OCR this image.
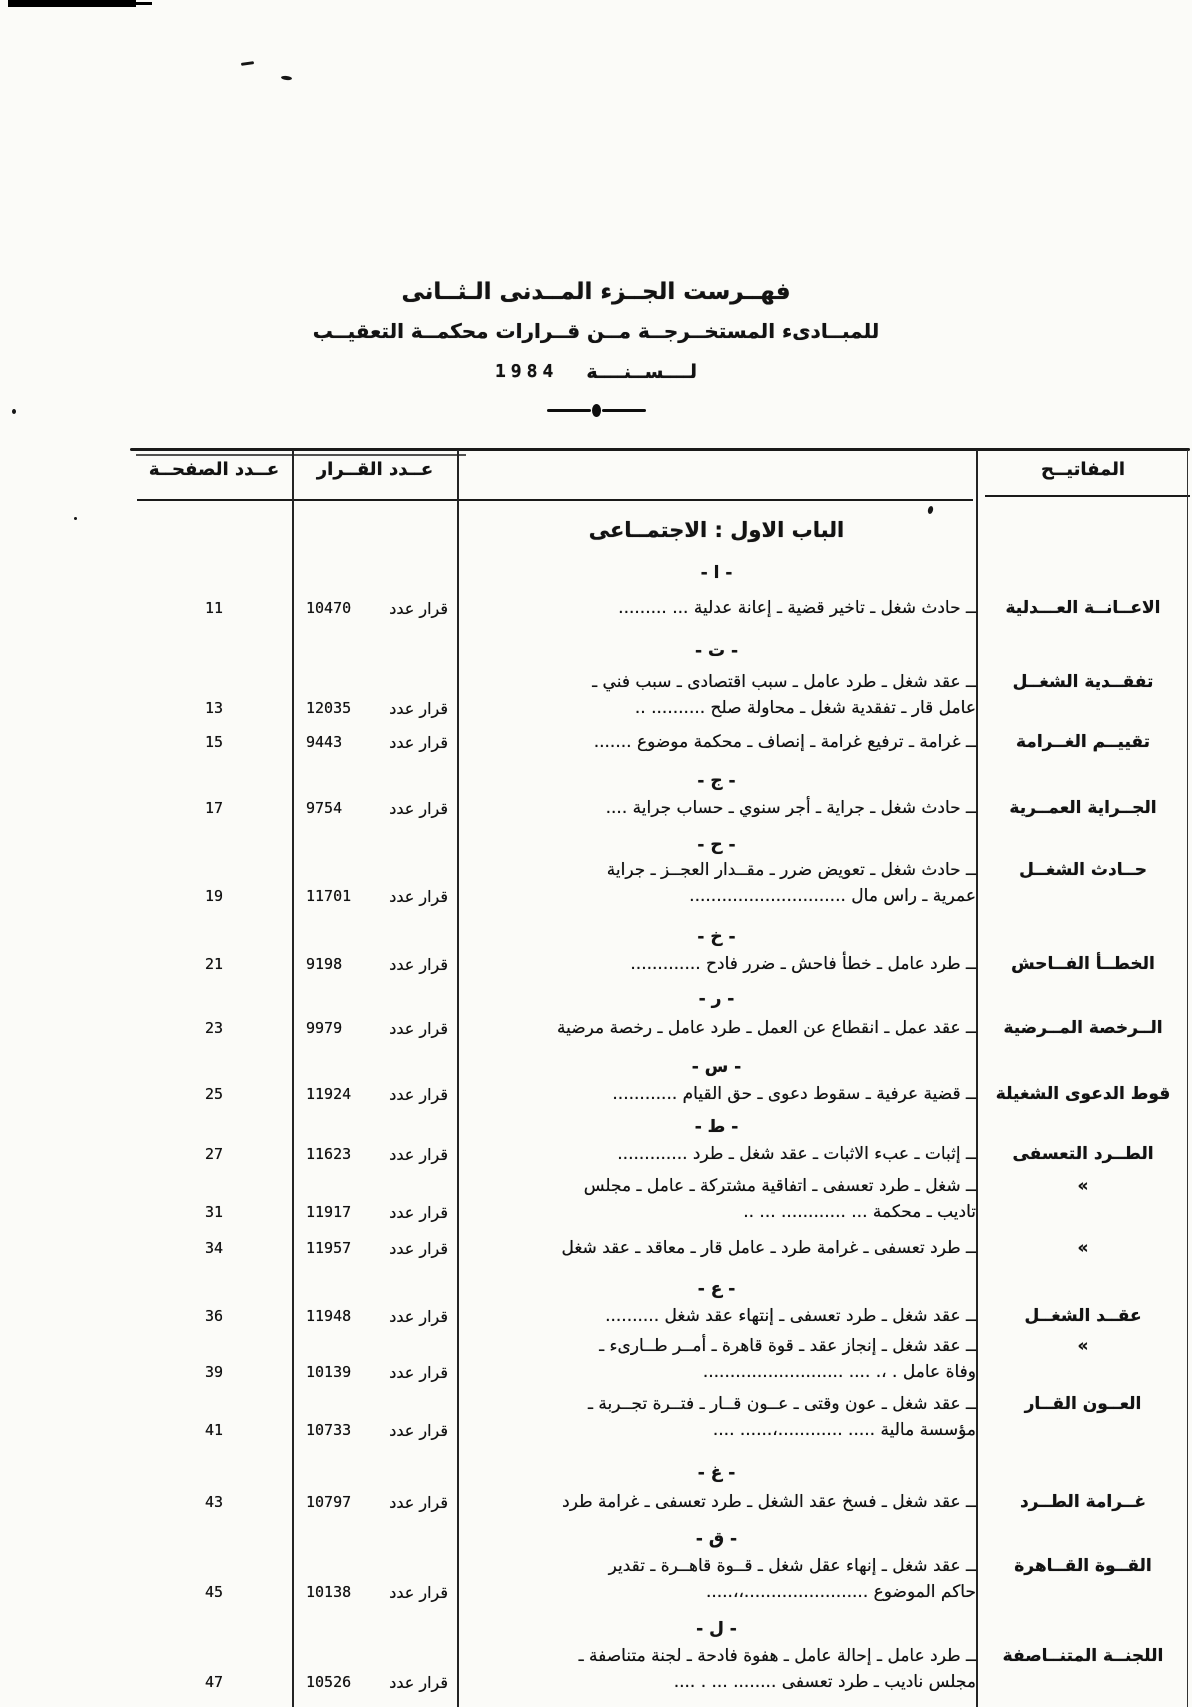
فهــرست الجــزء المــدنى الـثــانى
للمبــادىء المستخــرجــة مــن قــرارات محكمــة التعقيــب
لــــســنــــة
1984
المفاتيــح
عــدد القــرار
عــدد الصفحــة
الباب الاول : الاجتمــاعى
- ا -
الاعــانــة العـــدلية
ــ حادث شغل ـ تاخير قضية ـ إعانة عدلية ... .........
قرار عدد
10470
11
- ت -
تفقــدية الشغــل
ــ عقد شغل ـ طرد عامل ـ سبب اقتصادى ـ سبب فني ـ
عامل قار ـ تفقدية شغل ـ محاولة صلح .......... ..
قرار عدد
12035
13
تقييــم الغــرامة
ــ غرامة ـ ترفيع غرامة ـ إنصاف ـ محكمة موضوع .......
قرار عدد
9443
15
- ج -
الجــراية العمــرية
ــ حادث شغل ـ جراية ـ أجر سنوي ـ حساب جراية ....
قرار عدد
9754
17
- ح -
حــادث الشغــل
ــ حادث شغل ـ تعويض ضرر ـ مقــدار العجــز ـ جراية
عمرية ـ راس مال .............................
قرار عدد
11701
19
- خ -
الخطــأ الفــاحش
ــ طرد عامل ـ خطأ فاحش ـ ضرر فادح .............
قرار عدد
9198
21
- ر -
الــرخصة المــرضية
ــ عقد عمل ـ انقطاع عن العمل ـ طرد عامل ـ رخصة مرضية
قرار عدد
9979
23
- س -
قوط الدعوى الشغيلة
ــ قضية عرفية ـ سقوط دعوى ـ حق القيام ............
قرار عدد
11924
25
- ط -
الطــرد التعسفى
ــ إثبات ـ عبء الاثبات ـ عقد شغل ـ طرد .............
قرار عدد
11623
27
»
ــ شغل ـ طرد تعسفى ـ اتفاقية مشتركة ـ عامل ـ مجلس
تاديب ـ محكمة ... ............ ... ..
قرار عدد
11917
31
»
ــ طرد تعسفى ـ غرامة طرد ـ عامل قار ـ معاقد ـ عقد شغل
قرار عدد
11957
34
- ع -
عقــد الشغــل
ــ عقد شغل ـ طرد تعسفى ـ إنتهاء عقد شغل ..........
قرار عدد
11948
36
»
ــ عقد شغل ـ إنجاز عقد ـ قوة قاهرة ـ أمــر طــارىء ـ
وفاة عامل . ،. .... ..........................
قرار عدد
10139
39
العــون القــار
ــ عقد شغل ـ عون وقتى ـ عــون قــار ـ فتــرة تجــربة ـ
مؤسسة مالية ..... ............،...... ....
قرار عدد
10733
41
- غ -
غــرامة الطــرد
ــ عقد شغل ـ فسخ عقد الشغل ـ طرد تعسفى ـ غرامة طرد
قرار عدد
10797
43
- ق -
القــوة القــاهرة
ــ عقد شغل ـ إنهاء عقل شغل ـ قــوة قاهــرة ـ تقدير
حاكم الموضوع .......................،،.....
قرار عدد
10138
45
- ل -
اللجنــة المتنــاصفة
ــ طرد عامل ـ إحالة عامل ـ هفوة فادحة ـ لجنة متناصفة ـ
مجلس ناديب ـ طرد تعسفى ........ ... . ....
قرار عدد
10526
47
